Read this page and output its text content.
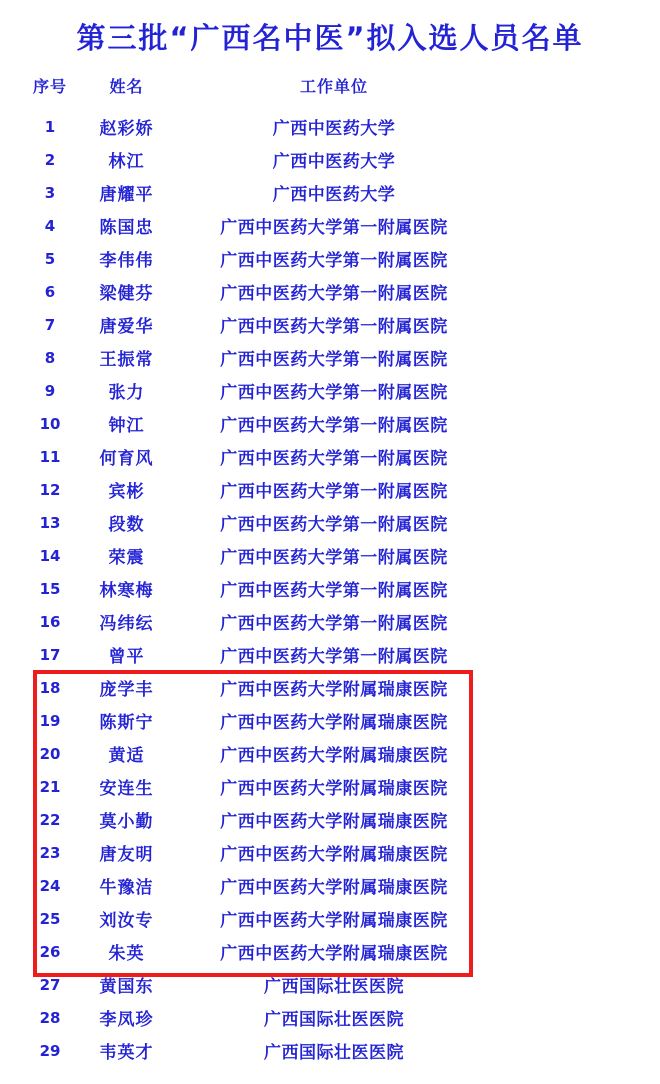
第三批“广西名中医”拟入选人员名单
序号	姓名	工作单位
1	赵彩娇	广西中医药大学
2	林江	广西中医药大学
3	唐耀平	广西中医药大学
4	陈国忠	广西中医药大学第一附属医院
5	李伟伟	广西中医药大学第一附属医院
6	梁健芬	广西中医药大学第一附属医院
7	唐爱华	广西中医药大学第一附属医院
8	王振常	广西中医药大学第一附属医院
9	张力	广西中医药大学第一附属医院
10	钟江	广西中医药大学第一附属医院
11	何育风	广西中医药大学第一附属医院
12	宾彬	广西中医药大学第一附属医院
13	段数	广西中医药大学第一附属医院
14	荣震	广西中医药大学第一附属医院
15	林寒梅	广西中医药大学第一附属医院
16	冯纬纭	广西中医药大学第一附属医院
17	曾平	广西中医药大学第一附属医院
18	庞学丰	广西中医药大学附属瑞康医院
19	陈斯宁	广西中医药大学附属瑞康医院
20	黄适	广西中医药大学附属瑞康医院
21	安连生	广西中医药大学附属瑞康医院
22	莫小勤	广西中医药大学附属瑞康医院
23	唐友明	广西中医药大学附属瑞康医院
24	牛豫洁	广西中医药大学附属瑞康医院
25	刘汝专	广西中医药大学附属瑞康医院
26	朱英	广西中医药大学附属瑞康医院
27	黄国东	广西国际壮医医院
28	李凤珍	广西国际壮医医院
29	韦英才	广西国际壮医医院
